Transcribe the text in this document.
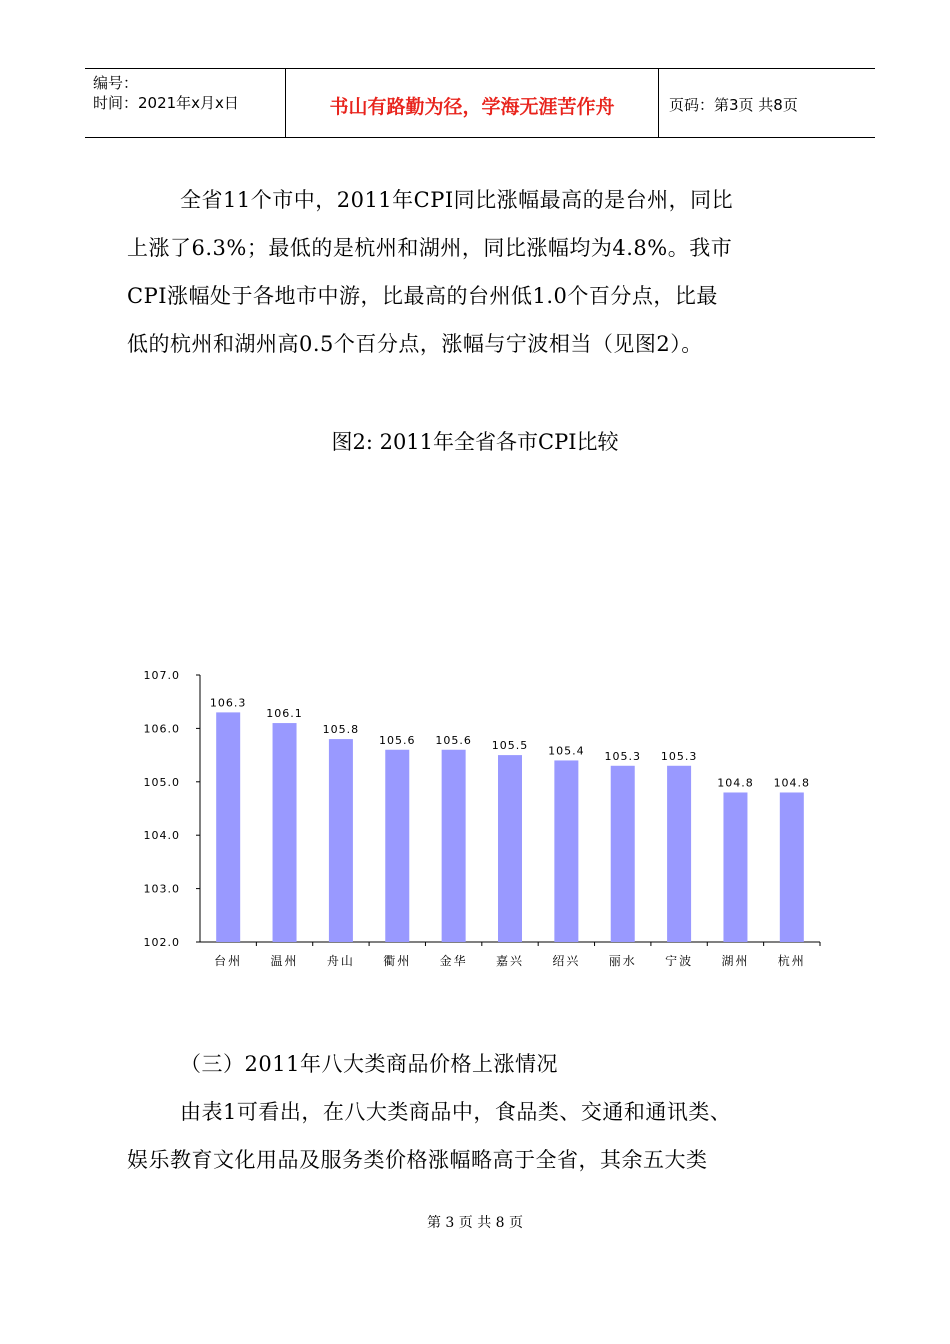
编号：
时间：2021年x月x日	书山有路勤为径，学海无涯苦作舟	页码：第3页 共8页
全省11个市中，2011年CPI同比涨幅最高的是台州，同比
上涨了6.3%；最低的是杭州和湖州，同比涨幅均为4.8%。我市
CPI涨幅处于各地市中游，比最高的台州低1.0个百分点，比最
低的杭州和湖州高0.5个百分点，涨幅与宁波相当（见图2）。
图2: 2011年全省各市CPI比较
102.0
103.0
104.0
105.0
106.0
107.0
106.3
台州
106.1
温州
105.8
舟山
105.6
衢州
105.6
金华
105.5
嘉兴
105.4
绍兴
105.3
丽水
105.3
宁波
104.8
湖州
104.8
杭州
（三）2011年八大类商品价格上涨情况
由表1可看出，在八大类商品中，食品类、交通和通讯类、
娱乐教育文化用品及服务类价格涨幅略高于全省，其余五大类
第 3 页 共 8 页
